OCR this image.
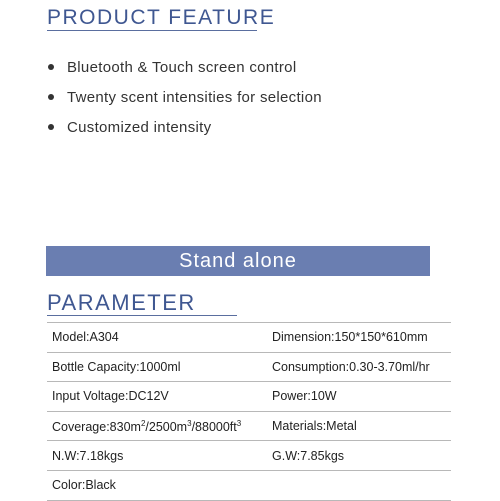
PRODUCT FEATURE
Bluetooth & Touch screen control
Twenty scent intensities for selection
Customized intensity
Stand alone
PARAMETER
Model:A304	Dimension:150*150*610mm
Bottle Capacity:1000ml	Consumption:0.30-3.70ml/hr
Input Voltage:DC12V	Power:10W
$Coverage:830m^2/2500m^3/88000ft^3$	Materials:Metal
N.W:7.18kgs	G.W:7.85kgs
Color:Black
